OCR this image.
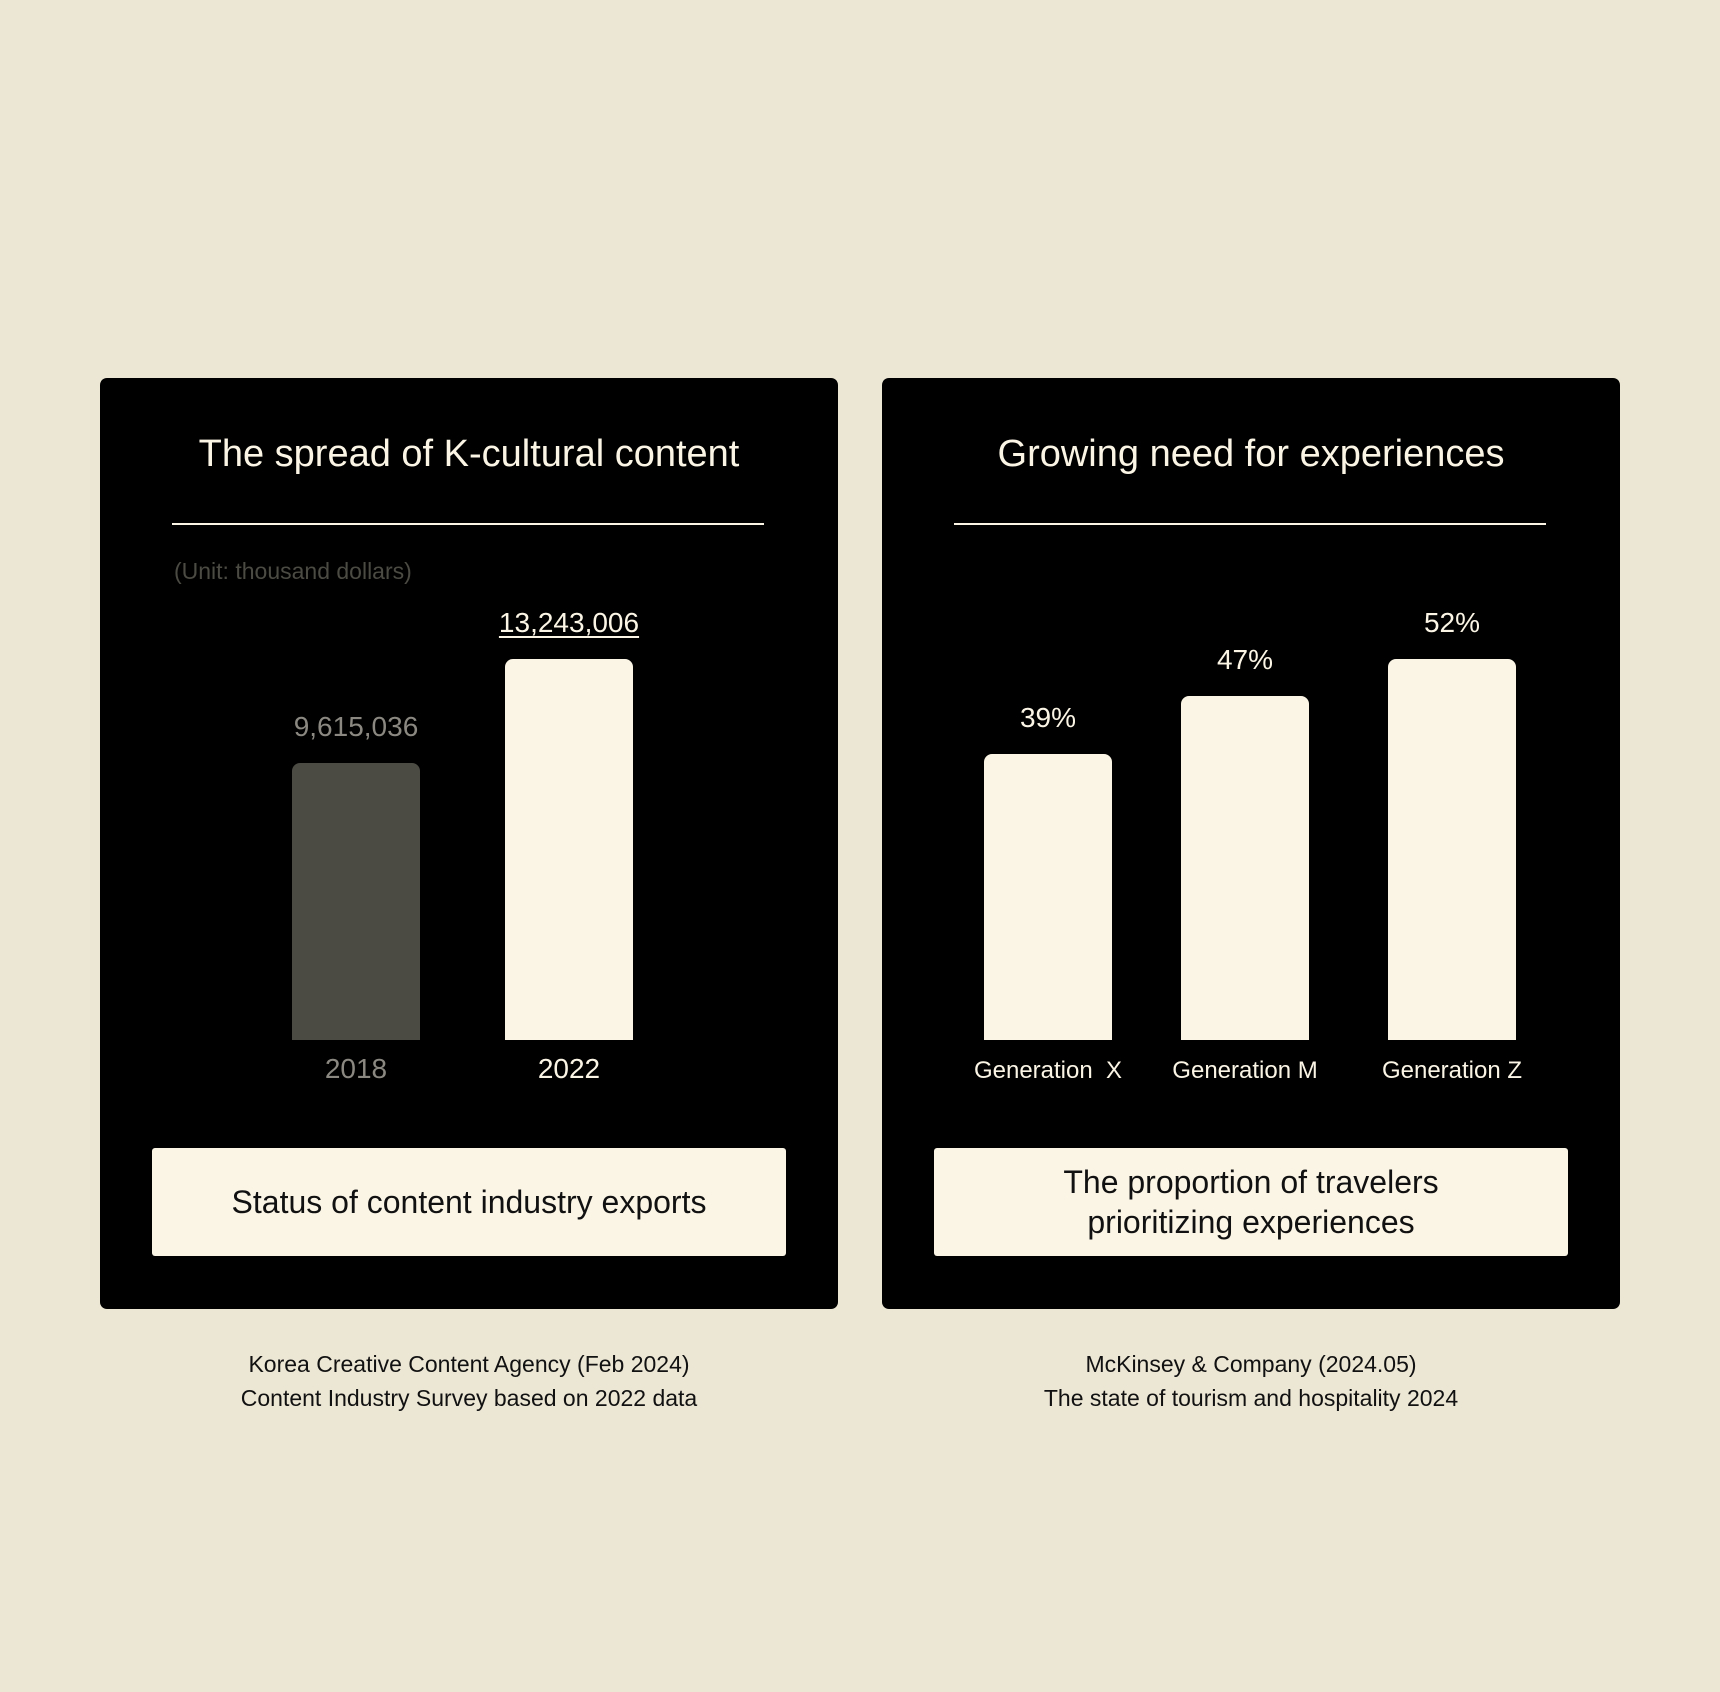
The spread of K-cultural content
(Unit: thousand dollars)
9,615,036
2018
13,243,006
2022
Status of content industry exports
Growing need for experiences
39%
Generation  X
47%
Generation M
52%
Generation Z
The proportion of travelers
prioritizing experiences
Korea Creative Content Agency (Feb 2024)
Content Industry Survey based on 2022 data
McKinsey & Company (2024.05)
The state of tourism and hospitality 2024
